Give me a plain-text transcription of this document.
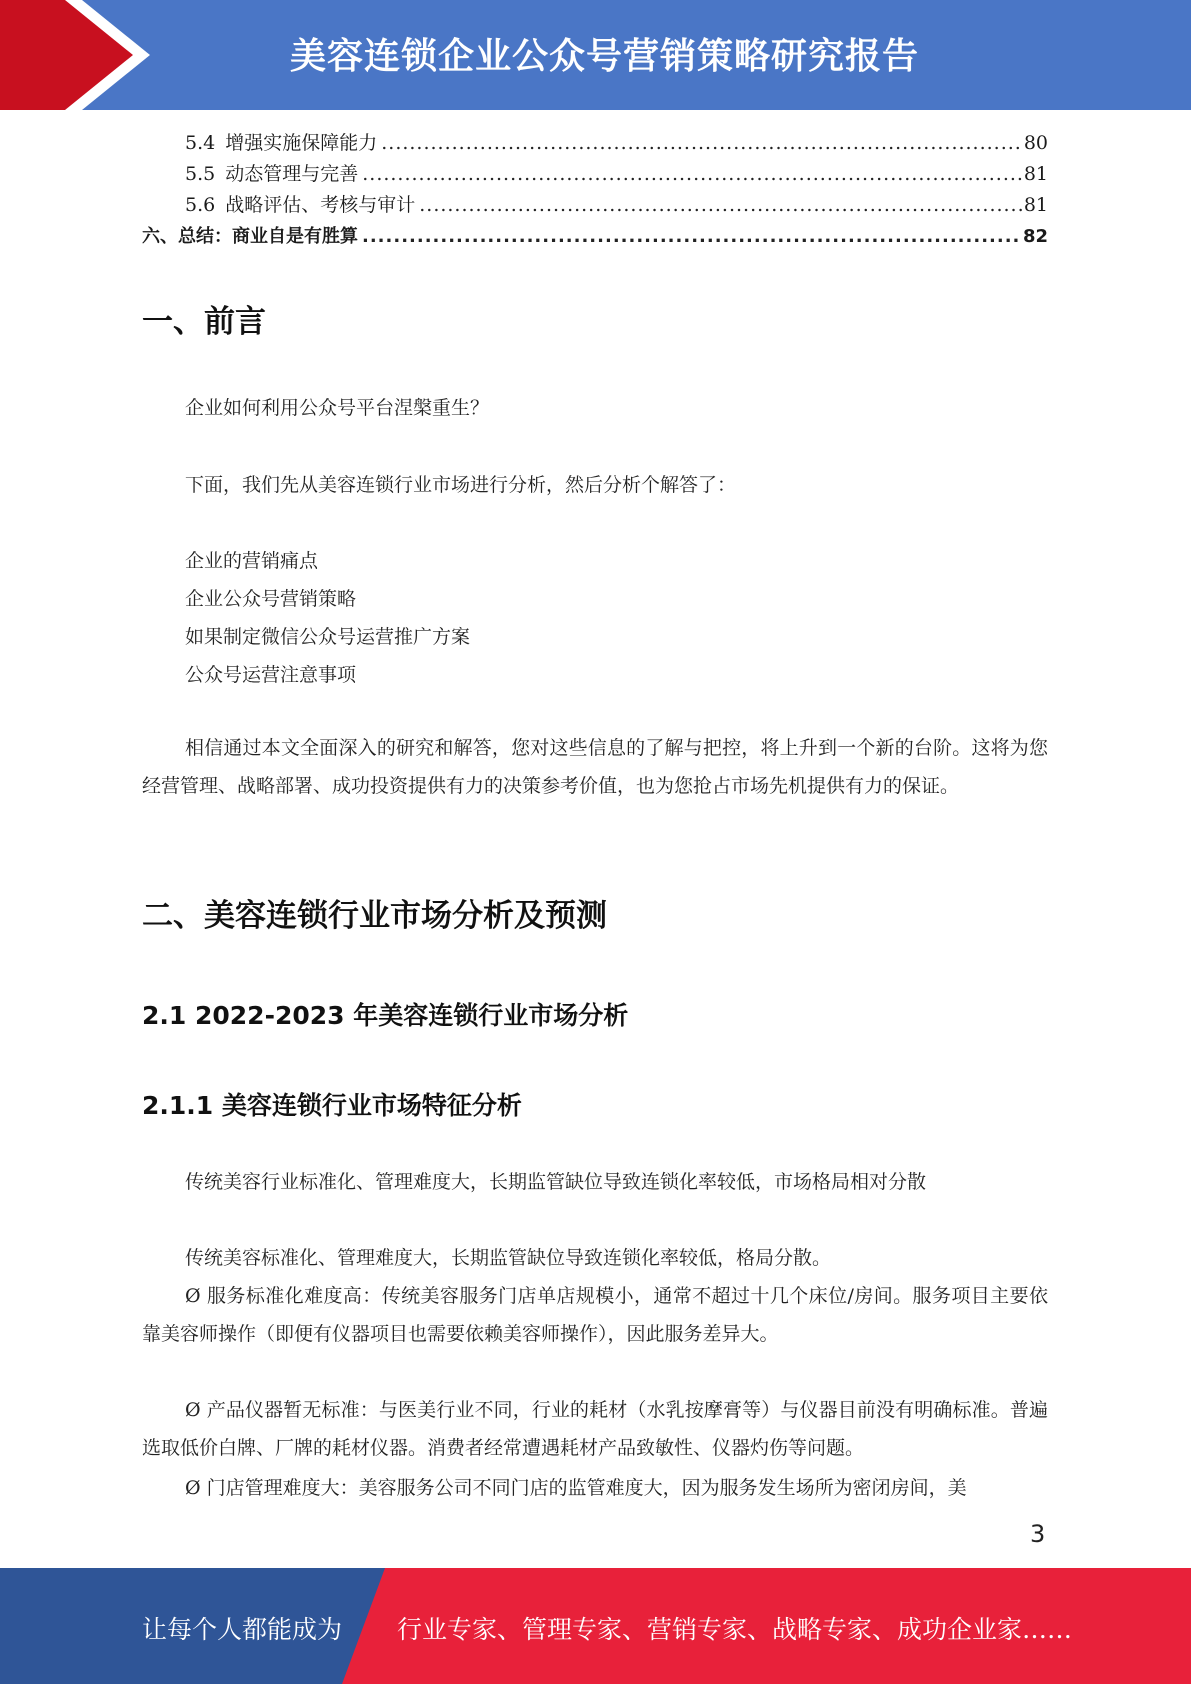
美容连锁企业公众号营销策略研究报告
5.4 增强实施保障能力 .....	80
5.5 动态管理与完善 .....	81
5.6 战略评估、考核与审计 .....	81
六、总结：商业自是有胜算 .....	82
一、前言
企业如何利用公众号平台涅槃重生？
下面，我们先从美容连锁行业市场进行分析，然后分析个解答了：
企业的营销痛点
企业公众号营销策略
如果制定微信公众号运营推广方案
公众号运营注意事项
相信通过本文全面深入的研究和解答，您对这些信息的了解与把控，将上升到一个新的台阶。这将为您经营管理、战略部署、成功投资提供有力的决策参考价值，也为您抢占市场先机提供有力的保证。
二、美容连锁行业市场分析及预测
2.1 2022-2023 年美容连锁行业市场分析
2.1.1 美容连锁行业市场特征分析
传统美容行业标准化、管理难度大，长期监管缺位导致连锁化率较低，市场格局相对分散
传统美容标准化、管理难度大，长期监管缺位导致连锁化率较低，格局分散。
Ø 服务标准化难度高：传统美容服务门店单店规模小，通常不超过十几个床位/房间。服务项目主要依靠美容师操作（即便有仪器项目也需要依赖美容师操作），因此服务差异大。
Ø 产品仪器暂无标准：与医美行业不同，行业的耗材（水乳按摩膏等）与仪器目前没有明确标准。普遍选取低价白牌、厂牌的耗材仪器。消费者经常遭遇耗材产品致敏性、仪器灼伤等问题。
Ø 门店管理难度大：美容服务公司不同门店的监管难度大，因为服务发生场所为密闭房间，美
3
让每个人都能成为 行业专家、管理专家、营销专家、战略专家、成功企业家……
